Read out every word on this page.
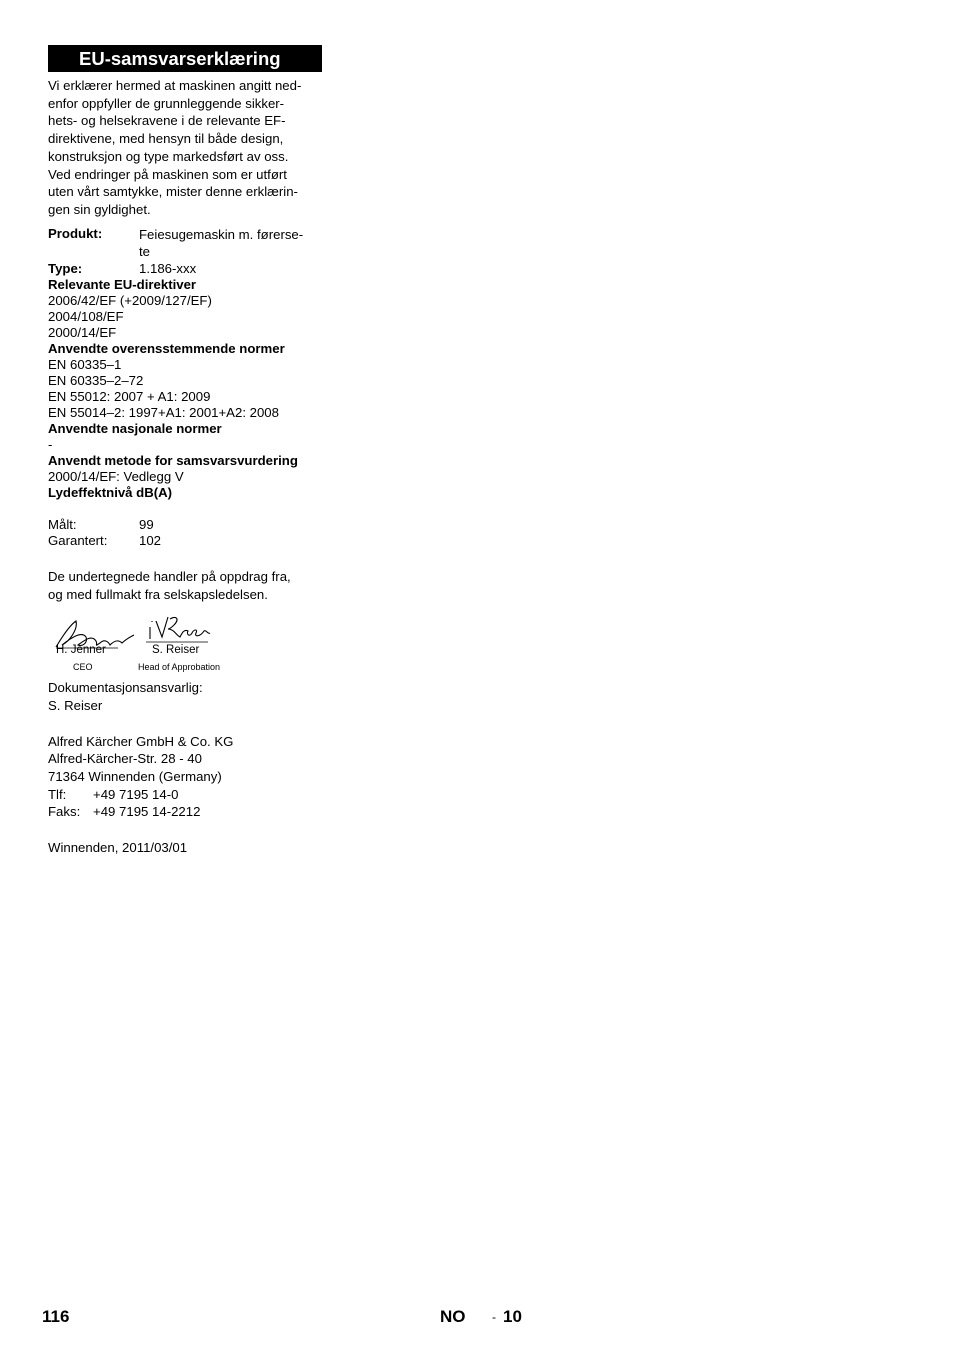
EU-samsvarserklæring
Vi erklærer hermed at maskinen angitt ned-
enfor oppfyller de grunnleggende sikker-
hets- og helsekravene i de relevante EF-
direktivene, med hensyn til både design,
konstruksjon og type markedsført av oss.
Ved endringer på maskinen som er utført
uten vårt samtykke, mister denne erklærin-
gen sin gyldighet.
Produkt:	Feiesugemaskin m. førerse-
te
Type:	1.186-xxx
Relevante EU-direktiver
2006/42/EF (+2009/127/EF)
2004/108/EF
2000/14/EF
Anvendte overensstemmende normer
EN 60335–1
EN 60335–2–72
EN 55012: 2007 + A1: 2009
EN 55014–2: 1997+A1: 2001+A2: 2008
Anvendte nasjonale normer
-
Anvendt metode for samsvarsvurdering
2000/14/EF: Vedlegg V
Lydeffektnivå dB(A)
Målt:	99
Garantert:	102
De undertegnede handler på oppdrag fra,
og med fullmakt fra selskapsledelsen.
H. Jenner
CEO
S. Reiser
Head of Approbation
Dokumentasjonsansvarlig:
S. Reiser
Alfred Kärcher GmbH & Co. KG
Alfred-Kärcher-Str. 28 - 40
71364 Winnenden (Germany)
Tlf:	+49 7195 14-0
Faks: +49 7195 14-2212
Winnenden, 2011/03/01
116	NO - 10
